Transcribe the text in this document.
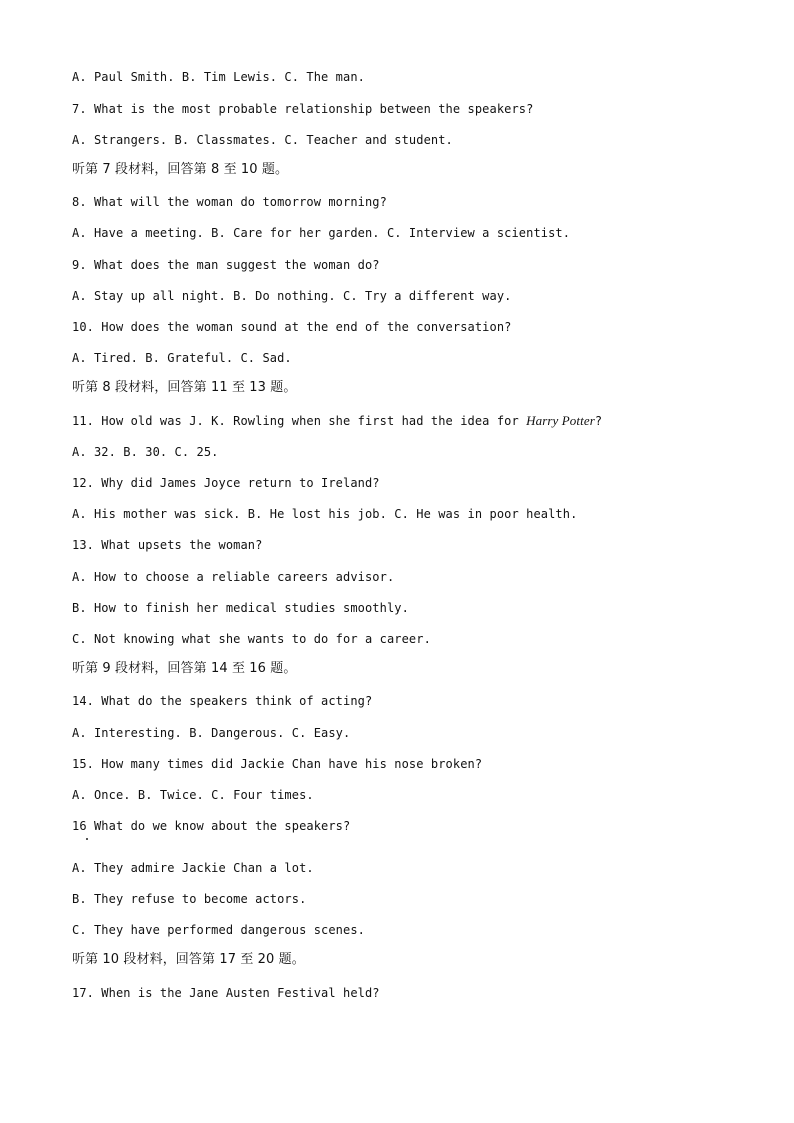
A. Paul Smith. B. Tim Lewis. C. The man.
7. What is the most probable relationship between the speakers?
A. Strangers. B. Classmates. C. Teacher and student.
听第 7 段材料，回答第 8 至 10 题。
8. What will the woman do tomorrow morning?
A. Have a meeting. B. Care for her garden. C. Interview a scientist.
9. What does the man suggest the woman do?
A. Stay up all night. B. Do nothing. C. Try a different way.
10. How does the woman sound at the end of the conversation?
A. Tired. B. Grateful. C. Sad.
听第 8 段材料，回答第 11 至 13 题。
11. How old was J. K. Rowling when she first had the idea for Harry Potter?
A. 32. B. 30. C. 25.
12. Why did James Joyce return to Ireland?
A. His mother was sick. B. He lost his job. C. He was in poor health.
13. What upsets the woman?
A. How to choose a reliable careers advisor.
B. How to finish her medical studies smoothly.
C. Not knowing what she wants to do for a career.
听第 9 段材料，回答第 14 至 16 题。
14. What do the speakers think of acting?
A. Interesting. B. Dangerous. C. Easy.
15. How many times did Jackie Chan have his nose broken?
A. Once. B. Twice. C. Four times.
16 What do we know about the speakers?
A. They admire Jackie Chan a lot.
B. They refuse to become actors.
C. They have performed dangerous scenes.
听第 10 段材料，回答第 17 至 20 题。
17. When is the Jane Austen Festival held?
